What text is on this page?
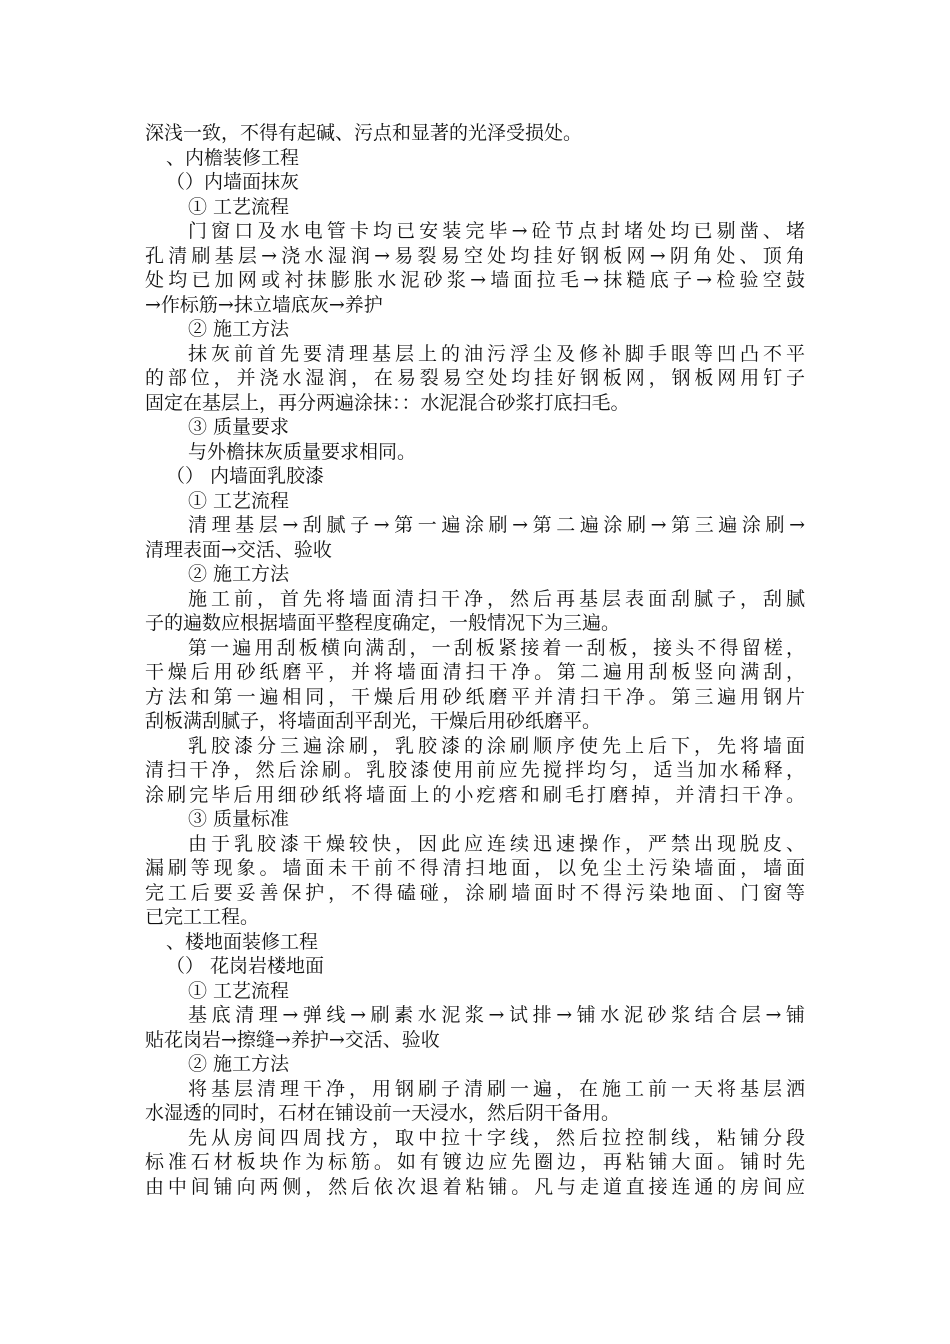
深浅一致，不得有起碱、污点和显著的光泽受损处。
、内檐装修工程
（）内墙面抹灰
① 工艺流程
门窗口及水电管卡均已安装完毕→砼节点封堵处均已剔凿、堵
孔清刷基层→浇水湿润→易裂易空处均挂好钢板网→阴角处、顶角
处均已加网或衬抹膨胀水泥砂浆→墙面拉毛→抹糙底子→检验空鼓
→作标筋→抹立墙底灰→养护
② 施工方法
抹灰前首先要清理基层上的油污浮尘及修补脚手眼等凹凸不平
的部位，并浇水湿润，在易裂易空处均挂好钢板网，钢板网用钉子
固定在基层上，再分两遍涂抹：：水泥混合砂浆打底扫毛。
③ 质量要求
与外檐抹灰质量要求相同。
（） 内墙面乳胶漆
① 工艺流程
清理基层→刮腻子→第一遍涂刷→第二遍涂刷→第三遍涂刷→
清理表面→交活、验收
② 施工方法
施工前，首先将墙面清扫干净，然后再基层表面刮腻子，刮腻
子的遍数应根据墙面平整程度确定，一般情况下为三遍。
第一遍用刮板横向满刮，一刮板紧接着一刮板，接头不得留槎，
干燥后用砂纸磨平，并将墙面清扫干净。第二遍用刮板竖向满刮，
方法和第一遍相同，干燥后用砂纸磨平并清扫干净。第三遍用钢片
刮板满刮腻子，将墙面刮平刮光，干燥后用砂纸磨平。
乳胶漆分三遍涂刷，乳胶漆的涂刷顺序使先上后下，先将墙面
清扫干净，然后涂刷。乳胶漆使用前应先搅拌均匀，适当加水稀释，
涂刷完毕后用细砂纸将墙面上的小疙瘩和刷毛打磨掉，并清扫干净。
③ 质量标准
由于乳胶漆干燥较快，因此应连续迅速操作，严禁出现脱皮、
漏刷等现象。墙面未干前不得清扫地面，以免尘土污染墙面，墙面
完工后要妥善保护，不得磕碰，涂刷墙面时不得污染地面、门窗等
已完工工程。
、楼地面装修工程
（） 花岗岩楼地面
① 工艺流程
基底清理→弹线→刷素水泥浆→试排→铺水泥砂浆结合层→铺
贴花岗岩→擦缝→养护→交活、验收
② 施工方法
将基层清理干净，用钢刷子清刷一遍，在施工前一天将基层洒
水湿透的同时，石材在铺设前一天浸水，然后阴干备用。
先从房间四周找方，取中拉十字线，然后拉控制线，粘铺分段
标准石材板块作为标筋。如有镀边应先圈边，再粘铺大面。铺时先
由中间铺向两侧，然后依次退着粘铺。凡与走道直接连通的房间应
